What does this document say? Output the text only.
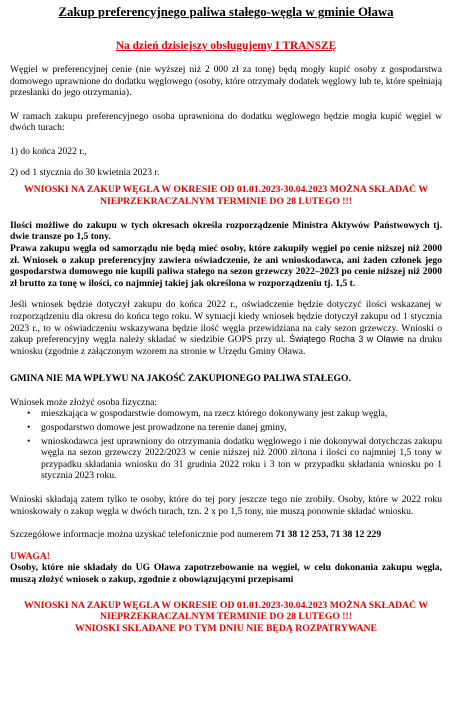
Zakup preferencyjnego paliwa stałego-węgla w gminie Oława
Na dzień dzisiejszy obsługujemy I TRANSZĘ

Węgiel w preferencyjnej cenie (nie wyższej niż 2 000 zł za tonę) będą mogły kupić osoby z gospodarstwa domowego uprawnione do dodatku węglowego (osoby, które otrzymały dodatek węglowy lub te, które spełniają przesłanki do jego otrzymania).

W ramach zakupu preferencyjnego osoba uprawniona do dodatku węglowego będzie mogła kupić węgiel w dwóch turach:

1) do końca 2022 r.,

2) od 1 stycznia do 30 kwietnia 2023 r.

WNIOSKI NA ZAKUP WĘGLA W OKRESIE OD 01.01.2023-30.04.2023 MOŻNA SKŁADAĆ W NIEPRZEKRACZALNYM TERMINIE DO 28 LUTEGO !!!

Ilości możliwe do zakupu w tych okresach określa rozporządzenie Ministra Aktywów Państwowych tj. dwie transze po 1,5 tony.

Prawa zakupu węgla od samorządu nie będą mieć osoby, które zakupiły węgiel po cenie niższej niż 2000 zł. Wniosek o zakup preferencyjny zawiera oświadczenie, że ani wnioskodawca, ani żaden członek jego gospodarstwa domowego nie kupili paliwa stałego na sezon grzewczy 2022–2023 po cenie niższej niż 2000 zł brutto za tonę w ilości, co najmniej takiej jak określona w rozporządzeniu tj. 1,5 t.

Jeśli wniosek będzie dotyczył zakupu do końca 2022 r., oświadczenie będzie dotyczyć ilości wskazanej w rozporządzeniu dla okresu do końca tego roku. W sytuacji kiedy wniosek będzie dotyczył zakupu od 1 stycznia 2023 r., to w oświadczeniu wskazywana będzie ilość węgla przewidziana na cały sezon grzewczy. Wnioski o zakup preferencyjny węgla należy składać w siedzibie GOPS przy ul. Świątego Rocha 3 w Oławie na druku wniosku (zgodnie z załączonym wzorem na stronie w Urzędu Gminy Oława.

GMINA NIE MA WPŁYWU NA JAKOŚĆ ZAKUPIONEGO PALIWA STAŁEGO.

Wniosek może złożyć osoba fizyczna:

• mieszkająca w gospodarstwie domowym, na rzecz którego dokonywany jest zakup węgla,
• gospodarstwo domowe jest prowadzone na terenie danej gminy,
• wnioskodawca jest uprawniony do otrzymania dodatku węglowego i nie dokonywał dotychczas zakupu węgla na sezon grzewczy 2022/2023 w cenie niższej niż 2000 zł/tona i ilości co najmniej 1,5 tony w przypadku składania wniosku do 31 grudnia 2022 roku i 3 ton w przypadku składania wniosku po 1 stycznia 2023 roku.

Wnioski składają zatem tylko te osoby, które do tej pory jeszcze tego nie zrobiły. Osoby, które w 2022 roku wnioskowały o zakup węgla w dwóch turach, tzn. 2 x po 1,5 tony, nie muszą ponownie składać wniosku.

Szczegółowe informacje można uzyskać telefonicznie pod numerem 71 38 12 253, 71 38 12 229

UWAGA!

Osoby, które nie składały do UG Oława zapotrzebowanie na węgiel, w celu dokonania zakupu węgla, muszą złożyć wniosek o zakup, zgodnie z obowiązującymi przepisami

WNIOSKI NA ZAKUP WĘGLA W OKRESIE OD 01.01.2023-30.04.2023 MOŻNA SKŁADAĆ W NIEPRZEKRACZALNYM TERMINIE DO 28 LUTEGO !!!
WNIOSKI SKŁADANE PO TYM DNIU NIE BĘDĄ ROZPATRYWANE
